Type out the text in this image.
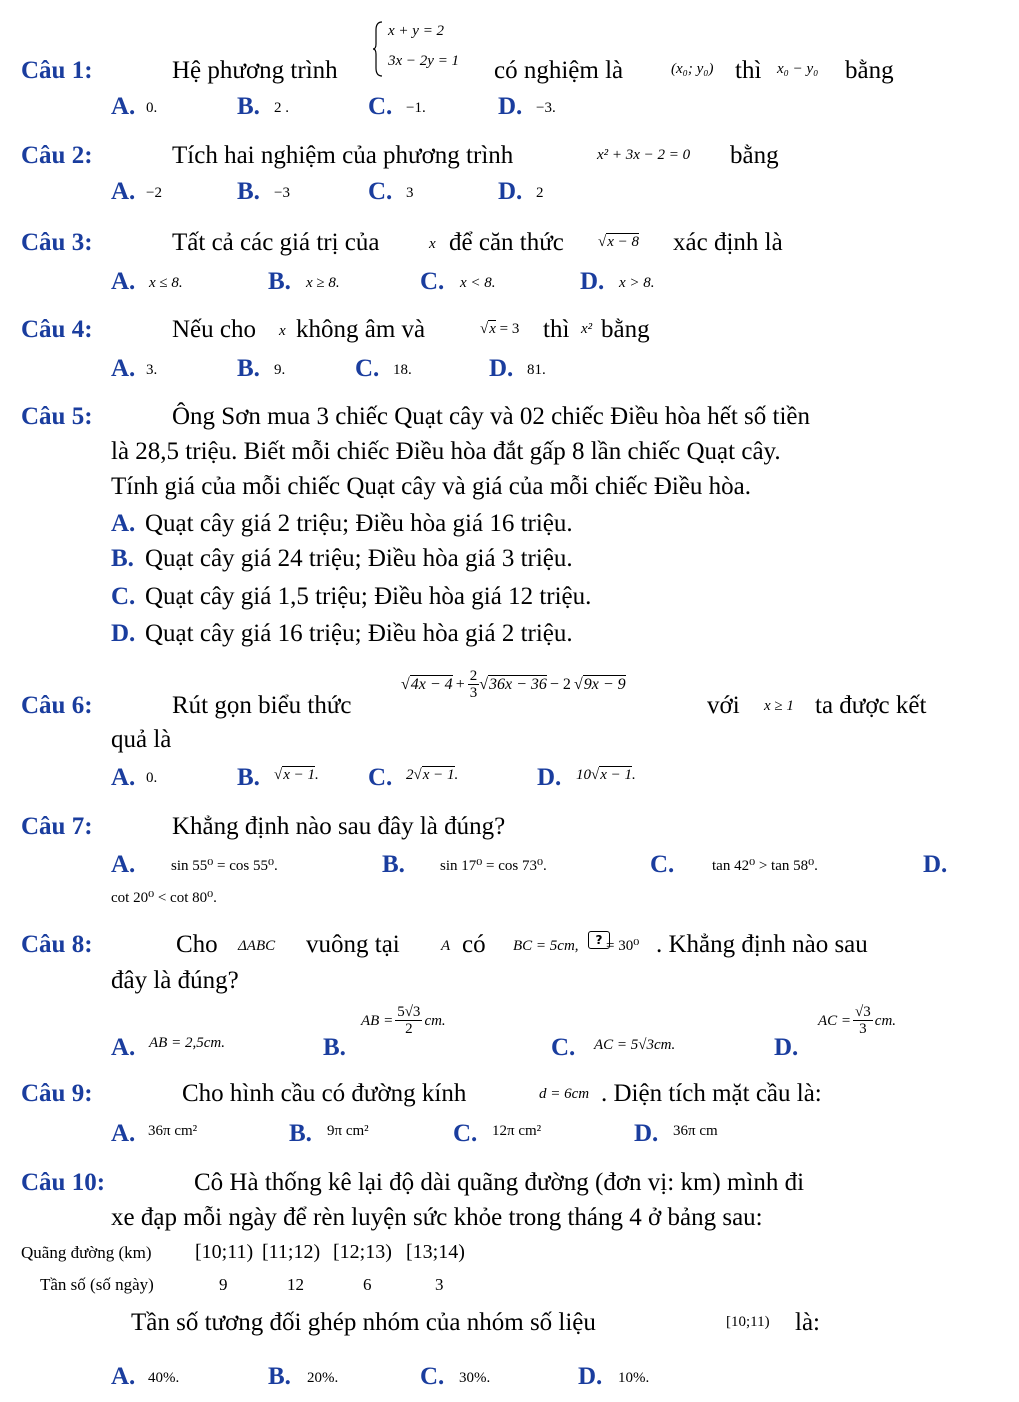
Câu 1:	Hệ phương trình
x + y = 2
3x − 2y = 1 có nghiệm là	(x₀; y₀) thì x₀ − y₀ bằng
A. 0.	B. 2 .	C. −1.	D. −3.
Câu 2:	Tích hai nghiệm của phương trình	x² + 3x − 2 = 0 bằng
A. −2	B. −3	C. 3	D. 2
Câu 3:	Tất cả các giá trị của	x để căn thức √x − 8 xác định là
A. x ≤ 8.	B. x ≥ 8.	C. x < 8.	D. x > 8.
Câu 4:	Nếu cho x không âm và	√x = 3 thì x² bằng
A. 3.	B. 9.	C. 18.	D. 81.
Câu 5:	Ông Sơn mua 3 chiếc Quạt cây và 02 chiếc Điều hòa hết số tiền
là 28,5 triệu. Biết mỗi chiếc Điều hòa đắt gấp 8 lần chiếc Quạt cây.
Tính giá của mỗi chiếc Quạt cây và giá của mỗi chiếc Điều hòa.
A. Quạt cây giá 2 triệu; Điều hòa giá 16 triệu.
B. Quạt cây giá 24 triệu; Điều hòa giá 3 triệu.
C. Quạt cây giá 1,5 triệu; Điều hòa giá 12 triệu.
D. Quạt cây giá 16 triệu; Điều hòa giá 2 triệu.
Câu 6:	Rút gọn biểu thức
$√4x - 4 + \frac{2}{3} √36x - 36 - 2$ √9x − 9
với x ≥ 1 ta được kết
quả là
A. 0.	B. √x − 1. C. 2√x − 1.	D. 10√x − 1.
Câu 7:	Khẳng định nào sau đây là đúng?
A. sin 55⁰ = cos 55⁰.	B. sin 17⁰ = cos 73⁰.	C.	tan 42⁰ > tan 58⁰.	D.
cot 20⁰ < cot 80⁰.
Câu 8:	Cho ΔABC vuông tại	A có BC = 5cm,	? = 30⁰ . Khẳng định nào sau
đây là đúng?
A. AB = 2,5cm.	B.
AB = $\frac{5√3}{2}$ cm.
C. AC = 5√3cm.	D.
AC = $\frac{√3}{3}$ cm.
Câu 9:	Cho hình cầu có đường kính	d = 6cm . Diện tích mặt cầu là:
A. 36π cm²	B. 9π cm²	C. 12π cm²	D. 36π cm
Câu 10:	Cô Hà thống kê lại độ dài quãng đường (đơn vị: km) mình đi
xe đạp mỗi ngày để rèn luyện sức khỏe trong tháng 4 ở bảng sau:
Quãng đường (km) [10;11) [11;12) [12;13) [13;14)
Tần số (số ngày)	9	12	6	3
Tần số tương đối ghép nhóm của nhóm số liệu	[10;11) là:
A. 40%.	B. 20%.	C. 30%.	D. 10%.
